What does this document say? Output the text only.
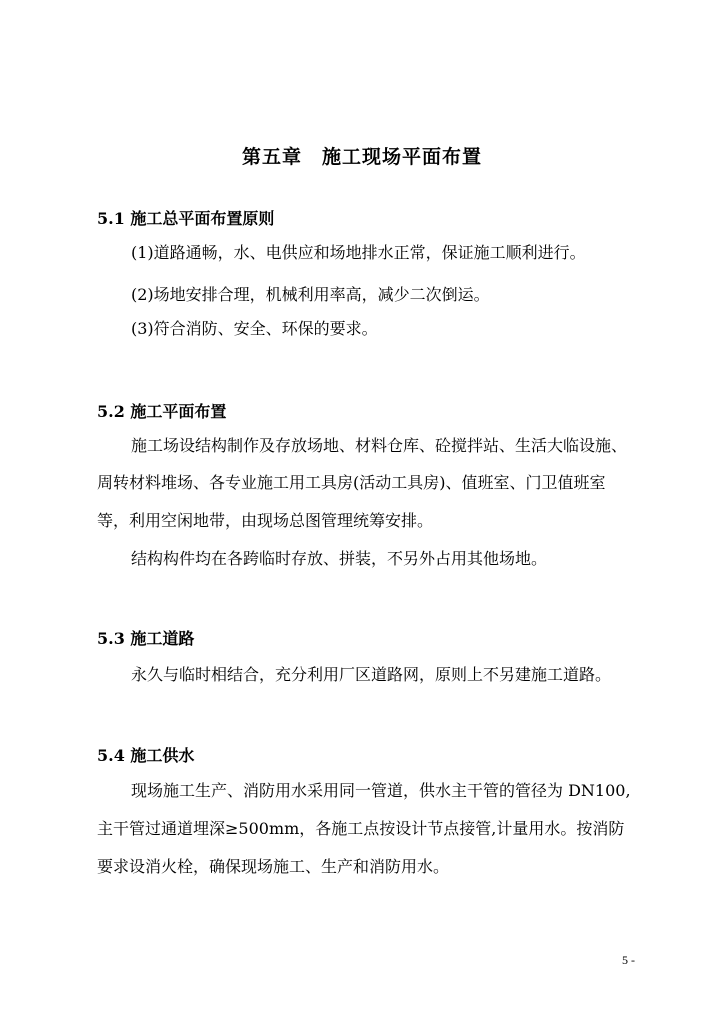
第五章　施工现场平面布置
5.1 施工总平面布置原则
(1)道路通畅，水、电供应和场地排水正常，保证施工顺利进行。
(2)场地安排合理，机械利用率高，减少二次倒运。
(3)符合消防、安全、环保的要求。
5.2 施工平面布置
施工场设结构制作及存放场地、材料仓库、砼搅拌站、生活大临设施、
周转材料堆场、各专业施工用工具房(活动工具房)、值班室、门卫值班室
等，利用空闲地带，由现场总图管理统筹安排。
结构构件均在各跨临时存放、拼装，不另外占用其他场地。
5.3 施工道路
永久与临时相结合，充分利用厂区道路网，原则上不另建施工道路。
5.4 施工供水
现场施工生产、消防用水采用同一管道，供水主干管的管径为 DN100,
主干管过通道埋深≥500mm，各施工点按设计节点接管,计量用水。按消防
要求设消火栓，确保现场施工、生产和消防用水。
5 -
